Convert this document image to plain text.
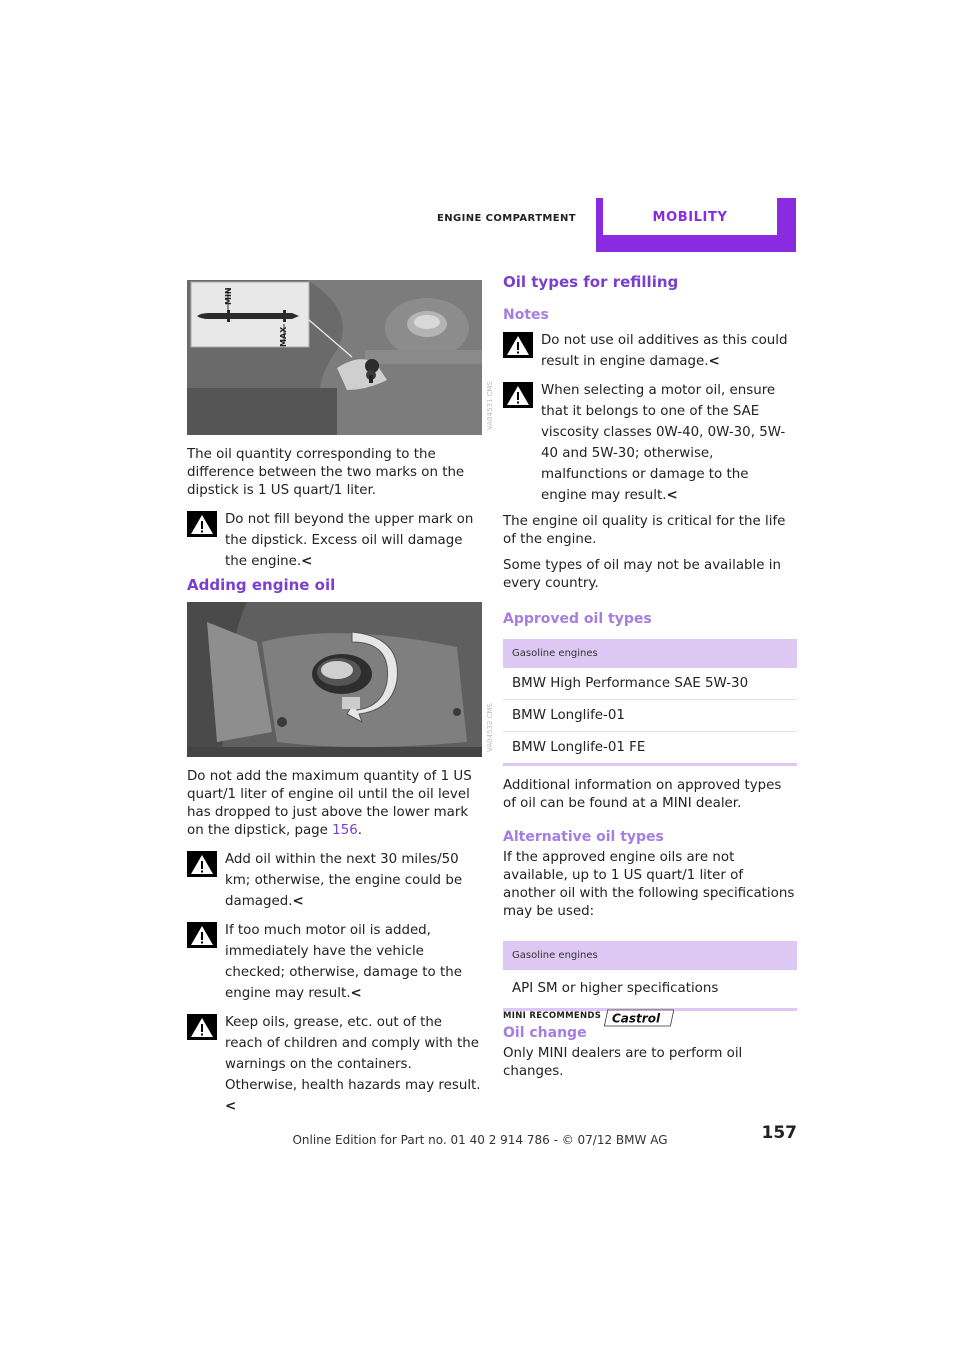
ENGINE COMPARTMENT	MOBILITY
MIN
MAX
VA04531 CMS

The oil quantity corresponding to the difference between the two marks on the dipstick is 1 US quart/1 liter.

Do not fill beyond the upper mark on the dipstick. Excess oil will damage the engine.<
Adding engine oil
VA04532 CMS

Do not add the maximum quantity of 1 US quart/1 liter of engine oil until the oil level has dropped to just above the lower mark on the dipstick, page 156.

Add oil within the next 30 miles/50 km; otherwise, the engine could be damaged.<
If too much motor oil is added, immediately have the vehicle checked; otherwise, damage to the engine may result.<
Keep oils, grease, etc. out of the reach of children and comply with the warnings on the containers. Otherwise, health hazards may result.<
Oil types for refilling
Notes
Do not use oil additives as this could result in engine damage.<
When selecting a motor oil, ensure that it belongs to one of the SAE viscosity classes 0W-40, 0W-30, 5W-40 and 5W-30; otherwise, malfunctions or damage to the engine may result.<

The engine oil quality is critical for the life of the engine.

Some types of oil may not be available in every country.

Approved oil types
Gasoline engines
BMW High Performance SAE 5W-30
BMW Longlife-01
BMW Longlife-01 FE

Additional information on approved types of oil can be found at a MINI dealer.

Alternative oil types

If the approved engine oils are not available, up to 1 US quart/1 liter of another oil with the following specifications may be used:

Gasoline engines
API SM or higher specifications
Oil change

Only MINI dealers are to perform oil changes.

MINI RECOMMENDS Castrol
157
Online Edition for Part no. 01 40 2 914 786 - © 07/12 BMW AG
